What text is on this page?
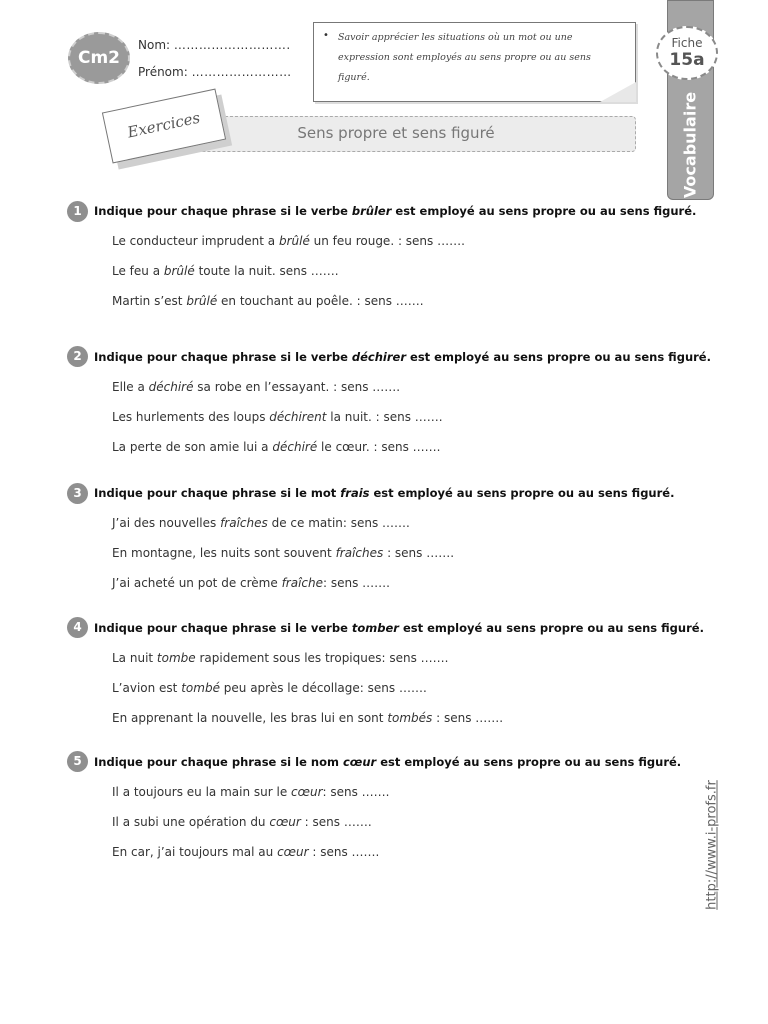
Cm2
Nom: ……………………….
Prénom: ……………………
• Savoir apprécier les situations où un mot ou une expression sont employés au sens propre ou au sens figuré.
Vocabulaire
Fiche
15a
Sens propre et sens figuré
Exercices
1	Indique pour chaque phrase si le verbe brûler est employé au sens propre ou au sens figuré.
Le conducteur imprudent a brûlé un feu rouge. : sens …….
Le feu a brûlé toute la nuit. sens …….
Martin s’est brûlé en touchant au poêle. : sens …….
2	Indique pour chaque phrase si le verbe déchirer est employé au sens propre ou au sens figuré.
Elle a déchiré sa robe en l’essayant. : sens …….
Les hurlements des loups déchirent la nuit. : sens …….
La perte de son amie lui a déchiré le cœur. : sens …….
3	Indique pour chaque phrase si le mot frais est employé au sens propre ou au sens figuré.
J’ai des nouvelles fraîches de ce matin: sens …….
En montagne, les nuits sont souvent fraîches : sens …….
J’ai acheté un pot de crème fraîche: sens …….
4	Indique pour chaque phrase si le verbe tomber est employé au sens propre ou au sens figuré.
La nuit tombe rapidement sous les tropiques: sens …….
L’avion est tombé peu après le décollage: sens …….
En apprenant la nouvelle, les bras lui en sont tombés : sens …….
5	Indique pour chaque phrase si le nom cœur est employé au sens propre ou au sens figuré.
Il a toujours eu la main sur le cœur: sens …….
Il a subi une opération du cœur : sens …….
En car, j’ai toujours mal au cœur : sens …….	http://www.i-profs.fr
